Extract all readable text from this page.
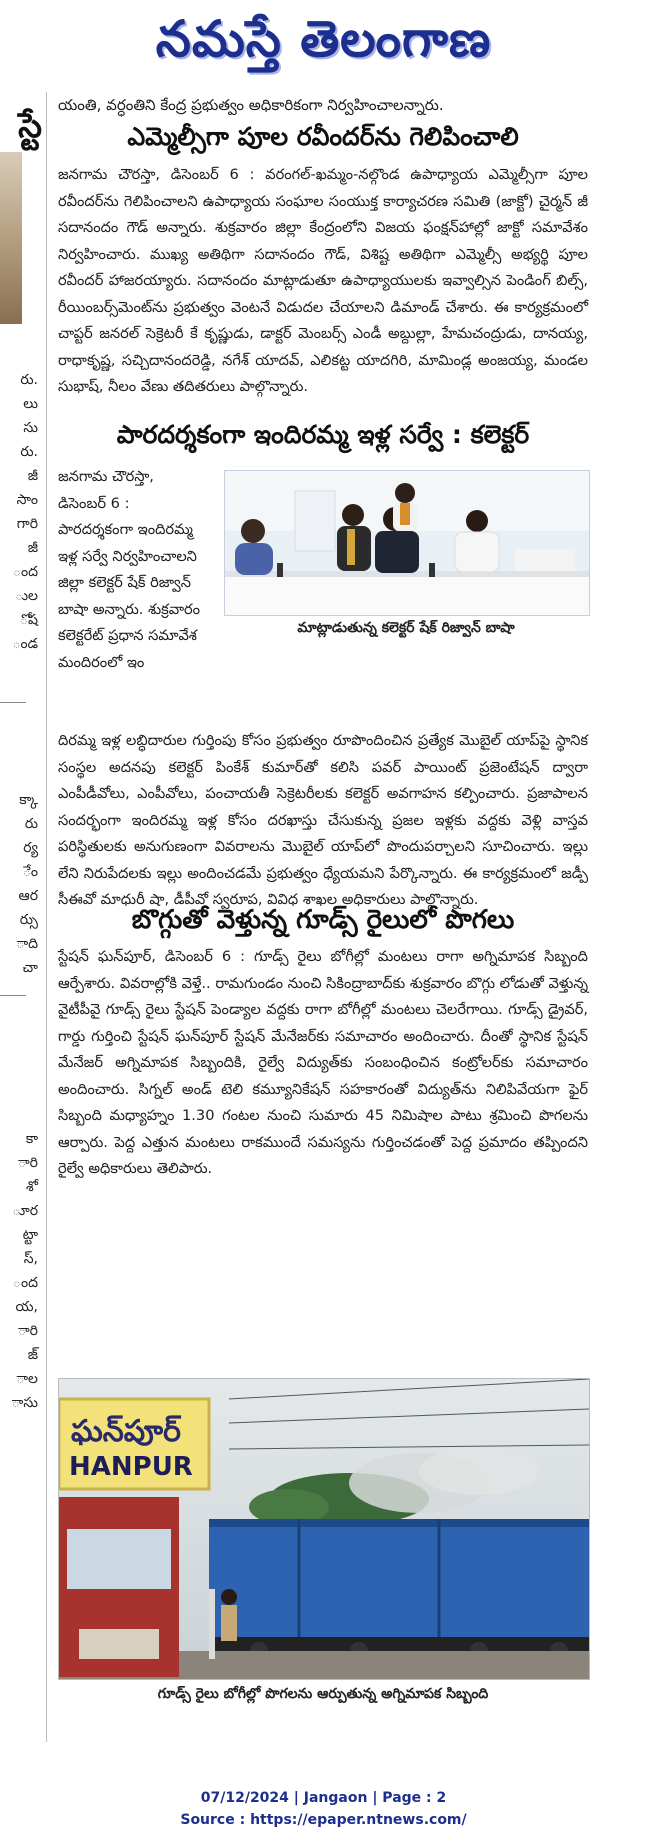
నమస్తే తెలంగాణ
స్టే
రు.
లు
సు
రు.
జీ
సాం
గారి
జీ
ంద
ుల
ోష
ండ
క్కా
రు
ర్య
ేం
ఆర
ర్సు
ాది
చా
కా
ారి
శో
ూర
ట్టా
స్,
ంద
య,
ారి
జ్
ాల
ాసు
యంతి, వర్ధంతిని కేంద్ర ప్రభుత్వం అధికారికంగా నిర్వహించాలన్నారు.
ఎమ్మెల్సీగా పూల రవీందర్‌ను గెలిపించాలి
జనగామ చౌరస్తా, డిసెంబర్ 6 : వరంగల్-ఖమ్మం-నల్గొండ ఉపాధ్యాయ ఎమ్మెల్సీగా పూల రవీందర్‌ను గెలిపించాలని ఉపాధ్యాయ సంఘాల సంయుక్త కార్యాచరణ సమితి (జాక్టో) చైర్మన్ జీ సదానందం గౌడ్ అన్నారు. శుక్రవారం జిల్లా కేంద్రంలోని విజయ ఫంక్షన్‌హాల్లో జాక్టో సమావేశం నిర్వహించారు. ముఖ్య అతిథిగా సదానందం గౌడ్, విశిష్ట అతిథిగా ఎమ్మెల్సీ అభ్యర్థి పూల రవీందర్ హాజరయ్యారు. సదానందం మాట్లాడుతూ ఉపాధ్యాయులకు ఇవ్వాల్సిన పెండింగ్ బిల్స్, రీయింబర్స్‌మెంట్‌ను ప్రభుత్వం వెంటనే విడుదల చేయాలని డిమాండ్ చేశారు. ఈ కార్యక్రమంలో చాప్టర్ జనరల్ సెక్రెటరీ కే కృష్ణుడు, డాక్టర్ మెంబర్స్ ఎండీ అబ్దుల్లా, హేమచంద్రుడు, దానయ్య, రాధాకృష్ణ, సచ్చిదానందరెడ్డి, నగేశ్ యాదవ్, ఎలికట్ట యాదగిరి, మామిండ్ల అంజయ్య, మండల సుభాష్, నీలం వేణు తదితరులు పాల్గొన్నారు.
పారదర్శకంగా ఇందిరమ్మ ఇళ్ల సర్వే : కలెక్టర్
జనగామ చౌరస్తా, డిసెంబర్ 6 : పారదర్శకంగా ఇందిరమ్మ ఇళ్ల సర్వే నిర్వహించాలని జిల్లా కలెక్టర్ షేక్ రిజ్వాన్ బాషా అన్నారు. శుక్రవారం కలెక్టరేట్ ప్రధాన సమావేశ మందిరంలో ఇం
మాట్లాడుతున్న కలెక్టర్ షేక్ రిజ్వాన్ బాషా
దిరమ్మ ఇళ్ల లబ్ధిదారుల గుర్తింపు కోసం ప్రభుత్వం రూపొందించిన ప్రత్యేక మొబైల్ యాప్‌పై స్థానిక సంస్థల అదనపు కలెక్టర్ పింకేశ్ కుమార్‌తో కలిసి పవర్ పాయింట్ ప్రజెంటేషన్ ద్వారా ఎంపీడీవోలు, ఎంపీవోలు, పంచాయతీ సెక్రెటరీలకు కలెక్టర్ అవగాహన కల్పించారు. ప్రజాపాలన సందర్భంగా ఇందిరమ్మ ఇళ్ల కోసం దరఖాస్తు చేసుకున్న ప్రజల ఇళ్లకు వద్దకు వెళ్లి వాస్తవ పరిస్థితులకు అనుగుణంగా వివరాలను మొబైల్ యాప్‌లో పొందుపర్చాలని సూచించారు. ఇల్లు లేని నిరుపేదలకు ఇల్లు అందించడమే ప్రభుత్వం ధ్యేయమని పేర్కొన్నారు. ఈ కార్యక్రమంలో జడ్పీ సీఈవో మాధురీ షా, డీపీవో స్వరూప, వివిధ శాఖల అధికారులు పాల్గొన్నారు.
బొగ్గుతో వెళ్తున్న గూడ్స్ రైలులో పొగలు
స్టేషన్ ఘన్‌పూర్, డిసెంబర్ 6 : గూడ్స్ రైలు బోగీల్లో మంటలు రాగా అగ్నిమాపక సిబ్బంది ఆర్పేశారు. వివరాల్లోకి వెళ్తే.. రామగుండం నుంచి సికింద్రాబాద్‌కు శుక్రవారం బొగ్గు లోడుతో వెళ్తున్న వైటీపీవై గూడ్స్ రైలు స్టేషన్ పెండ్యాల వద్దకు రాగా బోగీల్లో మంటలు చెలరేగాయి. గూడ్స్ డ్రైవర్, గార్డు గుర్తించి స్టేషన్ ఘన్‌పూర్ స్టేషన్ మేనేజర్‌కు సమాచారం అందించారు. దీంతో స్థానిక స్టేషన్ మేనేజర్ అగ్నిమాపక సిబ్బందికి, రైల్వే విద్యుత్‌కు సంబంధించిన కంట్రోలర్‌కు సమాచారం అందించారు. సిగ్నల్ అండ్ టెలి కమ్యూనికేషన్ సహకారంతో విద్యుత్‌ను నిలిపివేయగా ఫైర్ సిబ్బంది మధ్యాహ్నం 1.30 గంటల నుంచి సుమారు 45 నిమిషాల పాటు శ్రమించి పొగలను ఆర్పారు. పెద్ద ఎత్తున మంటలు రాకముందే సమస్యను గుర్తించడంతో పెద్ద ప్రమాదం తప్పిందని రైల్వే అధికారులు తెలిపారు.
ఘన్‌పూర్
HANPUR
గూడ్స్ రైలు బోగీల్లో పొగలను ఆర్పుతున్న అగ్నిమాపక సిబ్బంది
07/12/2024 | Jangaon | Page : 2
Source : https://epaper.ntnews.com/
